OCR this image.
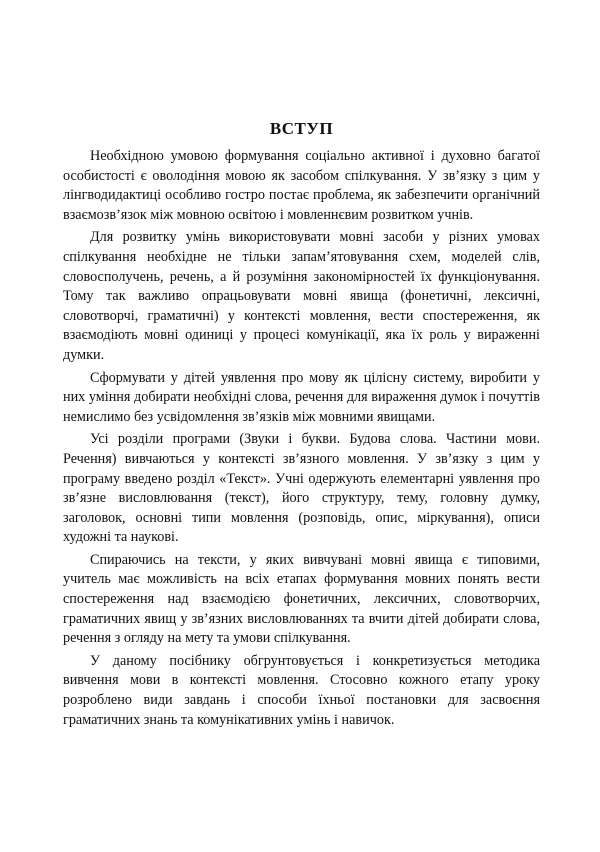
ВСТУП

Необхідною умовою формування соціально активної і духовно багатої особистості є оволодіння мовою як засобом спілкування. У зв’язку з цим у лінгводидактиці особливо гостро постає проблема, як забезпечити органічний взаємозв’язок між мовною освітою і мовленнєвим розвитком учнів.

Для розвитку умінь використовувати мовні засоби у різних умовах спілкування необхідне не тільки запам’ятовування схем, моделей слів, словосполучень, речень, а й розуміння закономірностей їх функціонування. Тому так важливо опрацьовувати мовні явища (фонетичні, лексичні, словотворчі, граматичні) у контексті мовлення, вести спостереження, як взаємодіють мовні одиниці у процесі комунікації, яка їх роль у вираженні думки.

Сформувати у дітей уявлення про мову як цілісну систему, виробити у них уміння добирати необхідні слова, речення для вираження думок і почуттів немислимо без усвідомлення зв’язків між мовними явищами.

Усі розділи програми (Звуки і букви. Будова слова. Частини мови. Речення) вивчаються у контексті зв’язного мовлення. У зв’язку з цим у програму введено розділ «Текст». Учні одержують елементарні уявлення про зв’язне висловлювання (текст), його структуру, тему, головну думку, заголовок, основні типи мовлення (розповідь, опис, міркування), описи художні та наукові.

Спираючись на тексти, у яких вивчувані мовні явища є типовими, учитель має можливість на всіх етапах формування мовних понять вести спостереження над взаємодією фонетичних, лексичних, словотворчих, граматичних явищ у зв’язних висловлюваннях та вчити дітей добирати слова, речення з огляду на мету та умови спілкування.

У даному посібнику обгрунтовується і конкретизується методика вивчення мови в контексті мовлення. Стосовно кожного етапу уроку розроблено види завдань і способи їхньої постановки для засвоєння граматичних знань та комунікативних умінь і навичок.
